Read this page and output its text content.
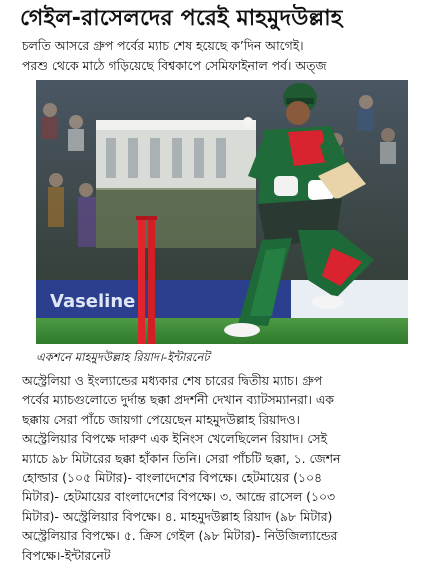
গেইল-রাসেলদের পরেই মাহমুদউল্লাহ
চলতি আসরে গ্রুপ পর্বের ম্যাচ শেষ হয়েছে ক’দিন আগেই।
পরশু থেকে মাঠে গড়িয়েছে বিশ্বকাপে সেমিফাইনাল পর্ব। অত্জ
Vaseline
একশনে মাহমুদউল্লাহ রিয়াদ।-ইন্টারনেট
অস্ট্রেলিয়া ও ইংল্যান্ডের মধ্যকার শেষ চারের দ্বিতীয় ম্যাচ। গ্রুপ
পর্বের ম্যাচগুলোতে দুর্দান্ত ছক্কা প্রদর্শনী দেখান ব্যাটসম্যানরা। এক
ছক্কায় সেরা পাঁচে জায়গা পেয়েছেন মাহমুদউল্লাহ রিয়াদও।
অস্ট্রেলিয়ার বিপক্ষে দারুণ এক ইনিংস খেলেছিলেন রিয়াদ। সেই
ম্যাচে ৯৮ মিটারের ছক্কা হাঁকান তিনি। সেরা পাঁচটি ছক্কা, ১. জেশন
হোল্ডার (১০৫ মিটার)- বাংলাদেশের বিপক্ষে। হেটমায়ের (১০৪
মিটার)- হেটমায়ের বাংলাদেশের বিপক্ষে। ৩. আন্দ্রে রাসেল (১০৩
মিটার)- অস্ট্রেলিয়ার বিপক্ষে। ৪. মাহমুদউল্লাহ রিয়াদ (৯৮ মিটার)
অস্ট্রেলিয়ার বিপক্ষে। ৫. ক্রিস গেইল (৯৮ মিটার)- নিউজিল্যান্ডের
বিপক্ষে।-ইন্টারনেট
